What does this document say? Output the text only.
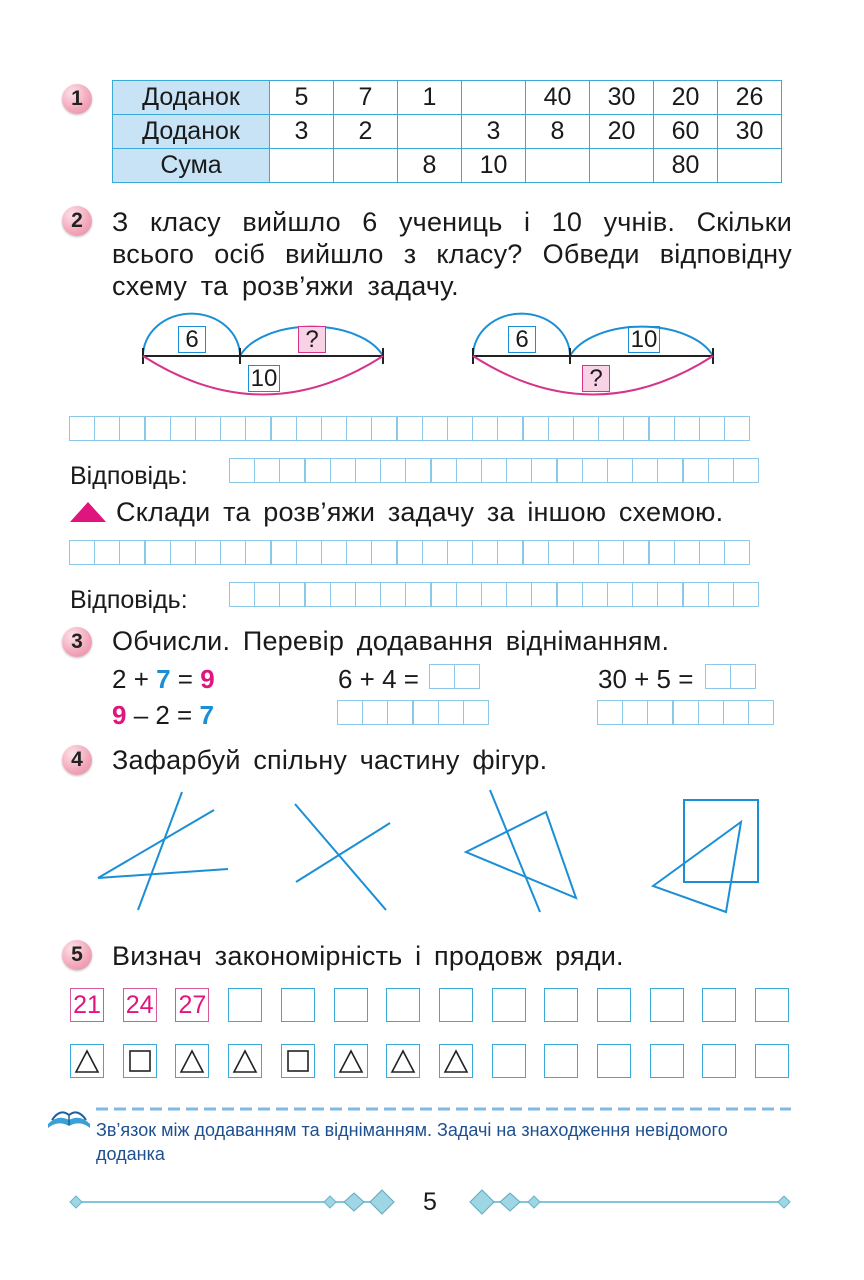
1	Доданок	5	7	1		40	30	20	26
Доданок	3	2		3	8	20	60	30
Сума			8	10			80	
2	З класу вийшло 6 учениць і 10 учнів. Скільки всього осіб вийшло з класу? Обведи відповідну схему та розв’яжи задачу.
6	?
10
6	10
?
Відповідь:
Склади та розв’яжи задачу за іншою схемою.
Відповідь:
3	Обчисли. Перевір додавання відніманням.
2 + 7 = 9
9 – 2 = 7
6 + 4 =	30 + 5 =
4	Зафарбуй спільну частину фігур.
5	Визнач закономірність і продовж ряди.
21 24 27
Зв’язок між додаванням та відніманням. Задачі на знаходження невідомого доданка
5
